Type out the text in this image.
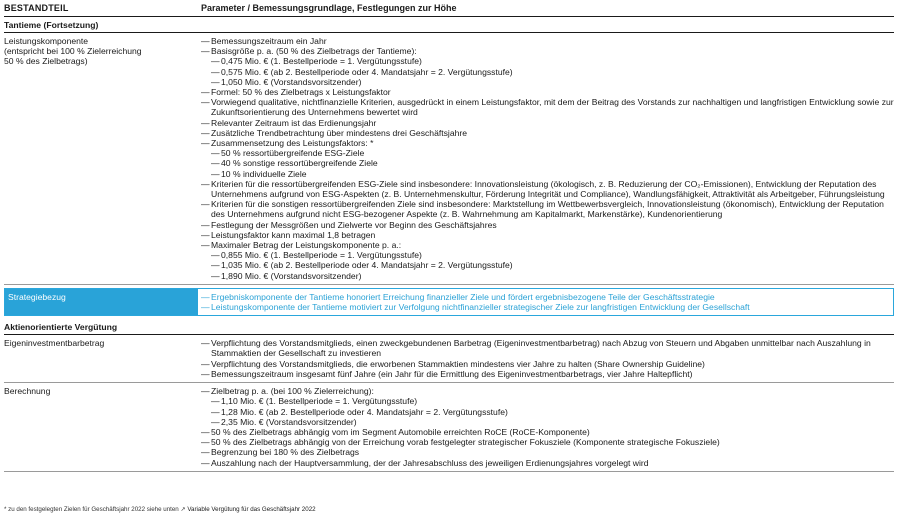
BESTANDTEIL	Parameter / Bemessungsgrundlage, Festlegungen zur Höhe
Tantieme (Fortsetzung)
Leistungskomponente
(entspricht bei 100 % Zielerreichung
50 % des Zielbetrags)
— Bemessungszeitraum ein Jahr
— Basisgröße p. a. (50 % des Zielbetrags der Tantieme):
— 0,475 Mio. € (1. Bestellperiode = 1. Vergütungsstufe)
— 0,575 Mio. € (ab 2. Bestellperiode oder 4. Mandatsjahr = 2. Vergütungsstufe)
— 1,050 Mio. € (Vorstandsvorsitzender)
— Formel: 50 % des Zielbetrags x Leistungsfaktor
— Vorwiegend qualitative, nichtfinanzielle Kriterien, ausgedrückt in einem Leistungsfaktor, mit dem der Beitrag des Vorstands zur nachhaltigen und langfristigen Entwicklung sowie zur Zukunftsorientierung des Unternehmens bewertet wird
— Relevanter Zeitraum ist das Erdienungsjahr
— Zusätzliche Trendbetrachtung über mindestens drei Geschäftsjahre
— Zusammensetzung des Leistungsfaktors: *
— 50 % ressortübergreifende ESG-Ziele
— 40 % sonstige ressortübergreifende Ziele
— 10 % individuelle Ziele
— Kriterien für die ressortübergreifenden ESG-Ziele sind insbesondere: Innovationsleistung (ökologisch, z. B. Reduzierung der CO₂-Emissionen), Entwicklung der Reputation des Unternehmens aufgrund von ESG-Aspekten (z. B. Unternehmenskultur, Förderung Integrität und Compliance), Wandlungsfähigkeit, Attraktivität als Arbeitgeber, Führungsleistung
— Kriterien für die sonstigen ressortübergreifenden Ziele sind insbesondere: Marktstellung im Wettbewerbsvergleich, Innovationsleistung (ökonomisch), Entwicklung der Reputation des Unternehmens aufgrund nicht ESG-bezogener Aspekte (z. B. Wahrnehmung am Kapitalmarkt, Markenstärke), Kundenorientierung
— Festlegung der Messgrößen und Zielwerte vor Beginn des Geschäftsjahres
— Leistungsfaktor kann maximal 1,8 betragen
— Maximaler Betrag der Leistungskomponente p. a.:
— 0,855 Mio. € (1. Bestellperiode = 1. Vergütungsstufe)
— 1,035 Mio. € (ab 2. Bestellperiode oder 4. Mandatsjahr = 2. Vergütungsstufe)
— 1,890 Mio. € (Vorstandsvorsitzender)
Strategiebezug	— Ergebniskomponente der Tantieme honoriert Erreichung finanzieller Ziele und fördert ergebnisbezogene Teile der Geschäftsstrategie
— Leistungskomponente der Tantieme motiviert zur Verfolgung nichtfinanzieller strategischer Ziele zur langfristigen Entwicklung der Gesellschaft
Aktienorientierte Vergütung
Eigeninvestmentbarbetrag	— Verpflichtung des Vorstandsmitglieds, einen zweckgebundenen Barbetrag (Eigeninvestmentbarbetrag) nach Abzug von Steuern und Abgaben unmittelbar nach Auszahlung in Stammaktien der Gesellschaft zu investieren
— Verpflichtung des Vorstandsmitglieds, die erworbenen Stammaktien mindestens vier Jahre zu halten (Share Ownership Guideline)
— Bemessungszeitraum insgesamt fünf Jahre (ein Jahr für die Ermittlung des Eigeninvestmentbarbetrags, vier Jahre Haltepflicht)
Berechnung	— Zielbetrag p. a. (bei 100 % Zielerreichung):
— 1,10 Mio. € (1. Bestellperiode = 1. Vergütungsstufe)
— 1,28 Mio. € (ab 2. Bestellperiode oder 4. Mandatsjahr = 2. Vergütungsstufe)
— 2,35 Mio. € (Vorstandsvorsitzender)
— 50 % des Zielbetrags abhängig vom im Segment Automobile erreichten RoCE (RoCE-Komponente)
— 50 % des Zielbetrags abhängig von der Erreichung vorab festgelegter strategischer Fokusziele (Komponente strategische Fokusziele)
— Begrenzung bei 180 % des Zielbetrags
— Auszahlung nach der Hauptversammlung, der der Jahresabschluss des jeweiligen Erdienungsjahres vorgelegt wird
* zu den festgelegten Zielen für Geschäftsjahr 2022 siehe unten ↗ Variable Vergütung für das Geschäftsjahr 2022
